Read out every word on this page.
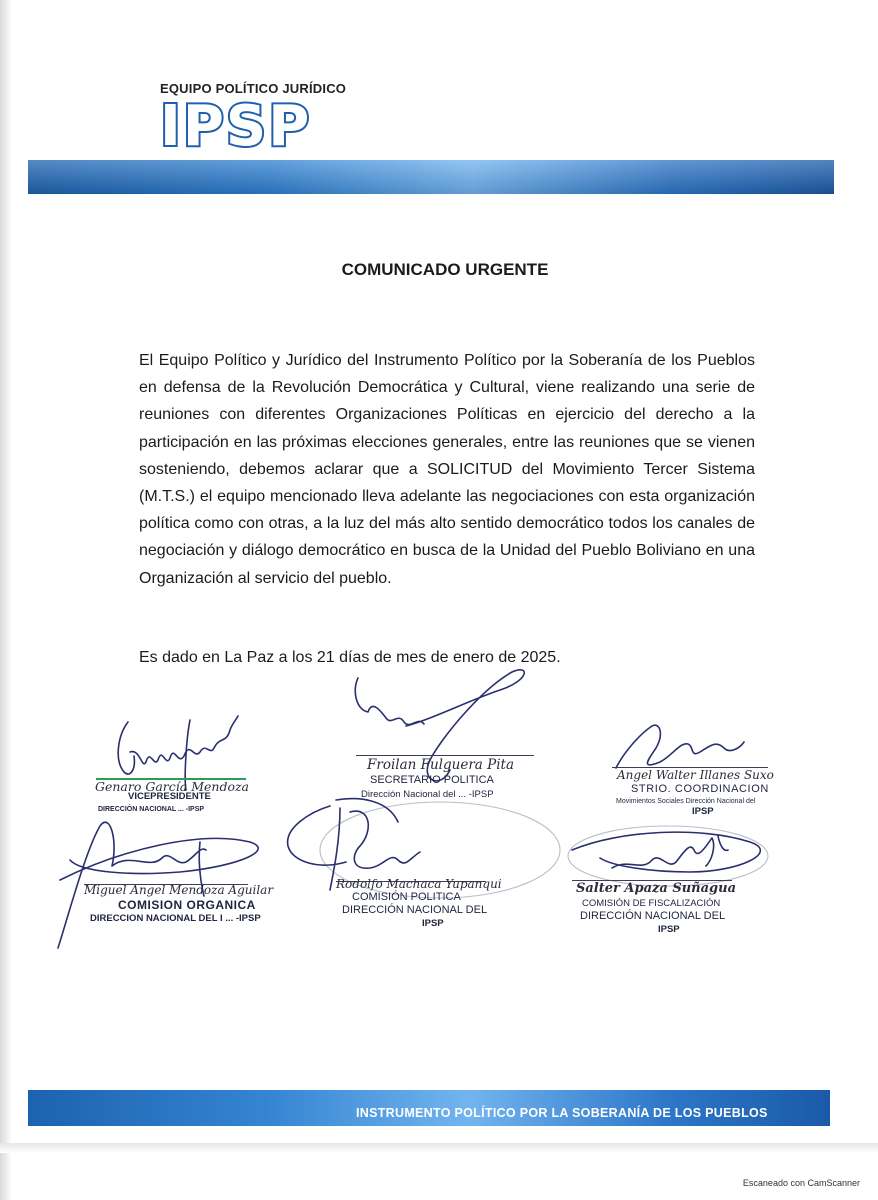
EQUIPO POLÍTICO JURÍDICO
IPSP
COMUNICADO URGENTE
El Equipo Político y Jurídico del Instrumento Político por la Soberanía de los Pueblos en defensa de la Revolución Democrática y Cultural, viene realizando una serie de reuniones con diferentes Organizaciones Políticas en ejercicio del derecho a la participación en las próximas elecciones generales, entre las reuniones que se vienen sosteniendo, debemos aclarar que a SOLICITUD del Movimiento Tercer Sistema (M.T.S.) el equipo mencionado lleva adelante las negociaciones con esta organización política como con otras, a la luz del más alto sentido democrático todos los canales de negociación y diálogo democrático en busca de la Unidad del Pueblo Boliviano en una Organización al servicio del pueblo.
Es dado en La Paz a los 21 días de mes de enero de 2025.
Genaro García Mendoza
VICEPRESIDENTE
DIRECCIÓN NACIONAL ... -IPSP
Froilan Fulguera Pita
SECRETARIO POLITICA
Dirección Nacional del ... -IPSP
Angel Walter Illanes Suxo
STRIO. COORDINACION
Movimientos Sociales Dirección Nacional del
IPSP
Miguel Angel Mendoza Aguilar
COMISION ORGANICA
DIRECCION NACIONAL DEL I ... -IPSP
Rodolfo Machaca Yupanqui
COMISIÓN POLITICA
DIRECCIÓN NACIONAL DEL
IPSP
Salter Apaza Suñagua
COMISIÓN DE FISCALIZACIÓN
DIRECCIÓN NACIONAL DEL
IPSP
INSTRUMENTO POLÍTICO POR LA SOBERANÍA DE LOS PUEBLOS
Escaneado con CamScanner
